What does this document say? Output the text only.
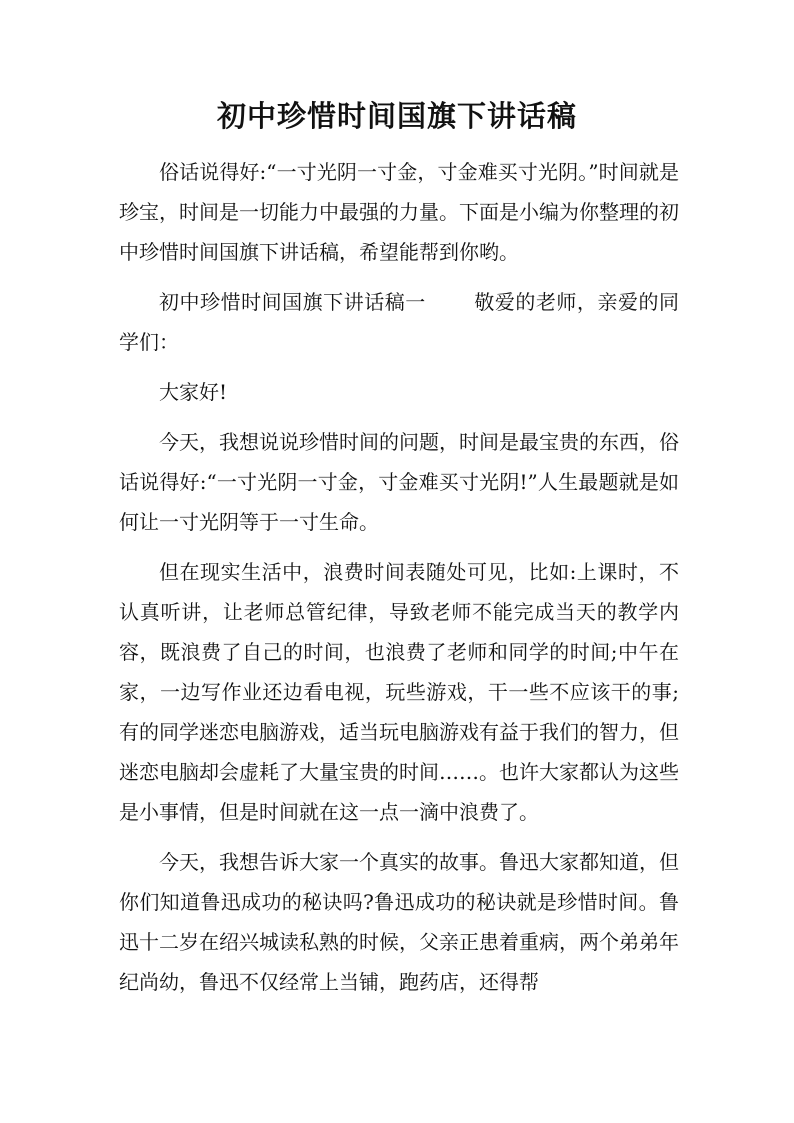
初中珍惜时间国旗下讲话稿

俗话说得好:“一寸光阴一寸金，寸金难买寸光阴。”时间就是珍宝，时间是一切能力中最强的力量。下面是小编为你整理的初中珍惜时间国旗下讲话稿，希望能帮到你哟。

初中珍惜时间国旗下讲话稿一 敬爱的老师，亲爱的同学们：

大家好!

今天，我想说说珍惜时间的问题，时间是最宝贵的东西，俗话说得好:“一寸光阴一寸金，寸金难买寸光阴!”人生最题就是如何让一寸光阴等于一寸生命。

但在现实生活中，浪费时间表随处可见，比如:上课时，不认真听讲，让老师总管纪律，导致老师不能完成当天的教学内容，既浪费了自己的时间，也浪费了老师和同学的时间;中午在家，一边写作业还边看电视，玩些游戏，干一些不应该干的事;有的同学迷恋电脑游戏，适当玩电脑游戏有益于我们的智力，但迷恋电脑却会虚耗了大量宝贵的时间……。也许大家都认为这些是小事情，但是时间就在这一点一滴中浪费了。

今天，我想告诉大家一个真实的故事。鲁迅大家都知道，但你们知道鲁迅成功的秘诀吗?鲁迅成功的秘诀就是珍惜时间。鲁迅十二岁在绍兴城读私熟的时候，父亲正患着重病，两个弟弟年纪尚幼，鲁迅不仅经常上当铺，跑药店，还得帮
